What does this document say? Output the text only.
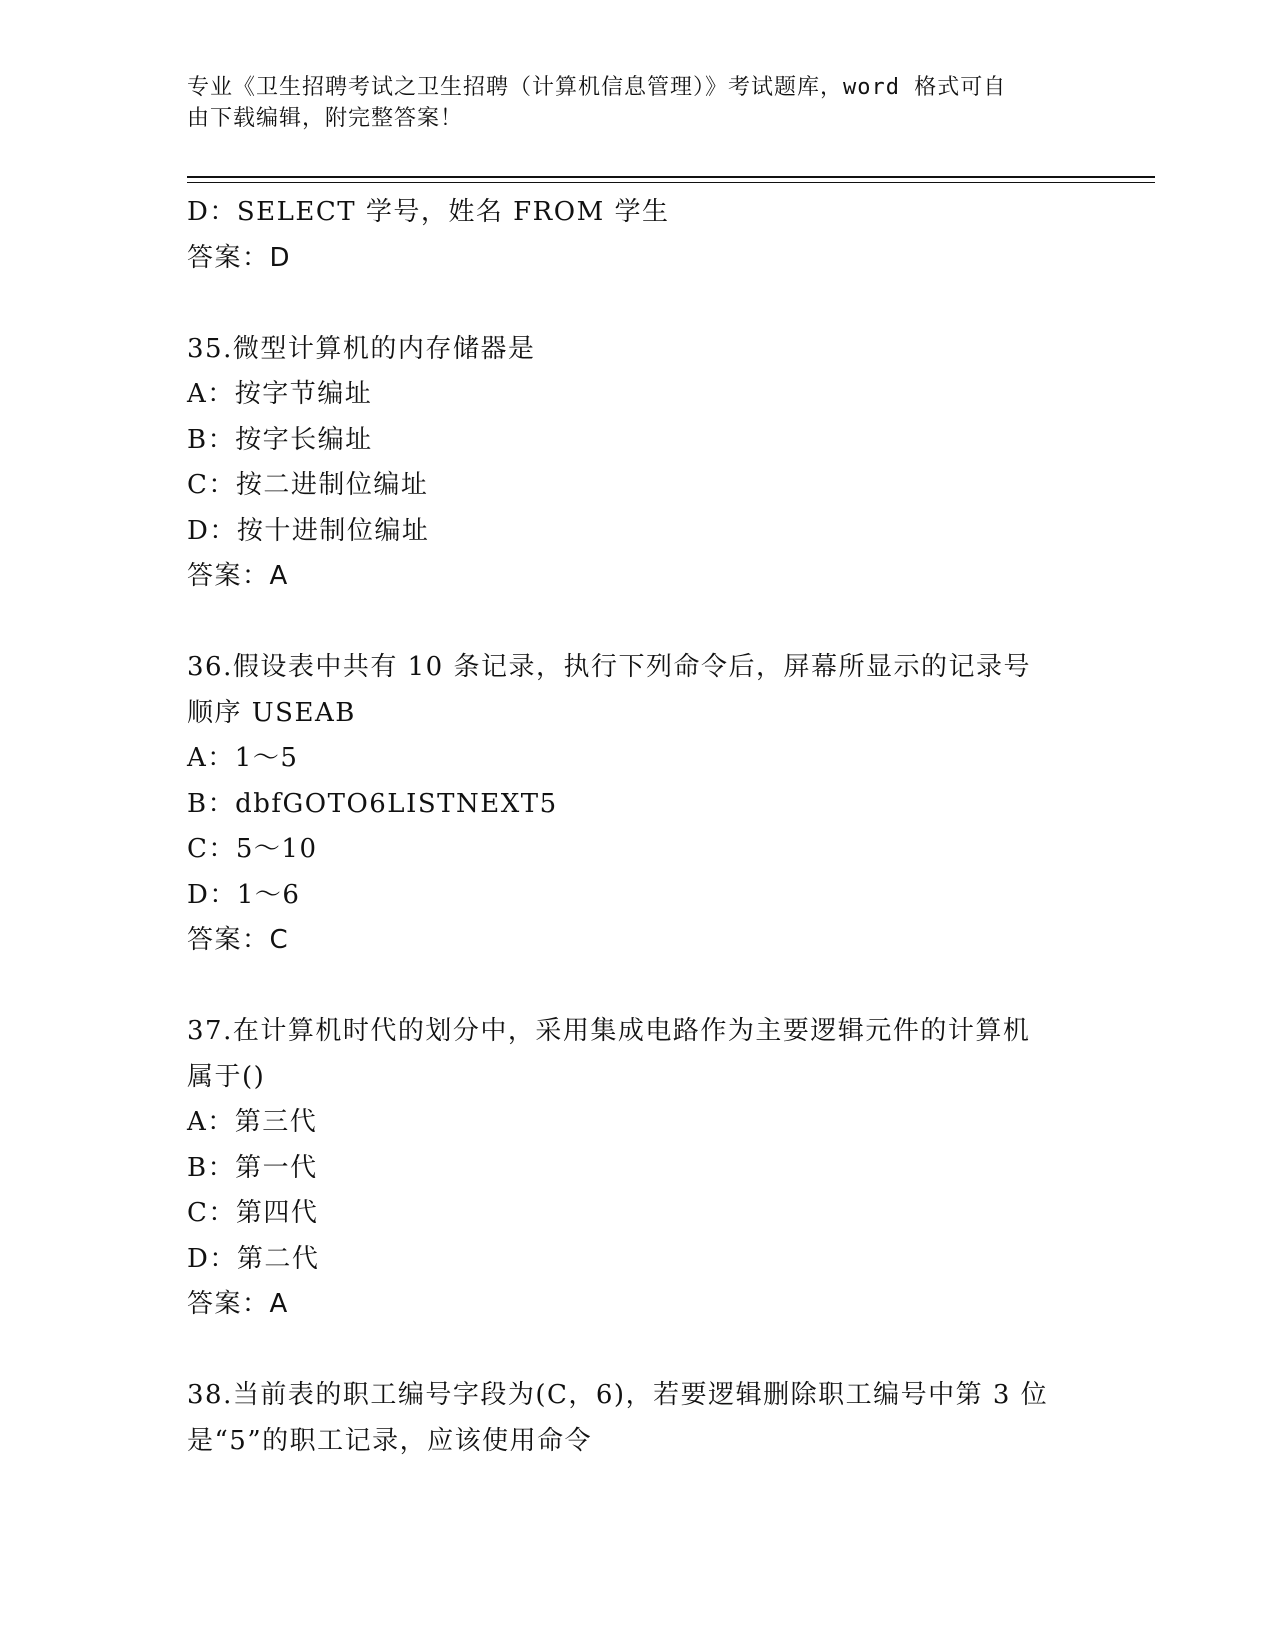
专业《卫生招聘考试之卫生招聘（计算机信息管理）》考试题库，word 格式可自
由下载编辑，附完整答案！
D：SELECT 学号，姓名 FROM 学生
答案：D
35.微型计算机的内存储器是
A：按字节编址
B：按字长编址
C：按二进制位编址
D：按十进制位编址
答案：A
36.假设表中共有 10 条记录，执行下列命令后，屏幕所显示的记录号
顺序 USEAB
A：1～5
B：dbfGOTO6LISTNEXT5
C：5～10
D：1～6
答案：C
37.在计算机时代的划分中，采用集成电路作为主要逻辑元件的计算机
属于()
A：第三代
B：第一代
C：第四代
D：第二代
答案：A
38.当前表的职工编号字段为(C，6)，若要逻辑删除职工编号中第 3 位
是“5”的职工记录，应该使用命令
